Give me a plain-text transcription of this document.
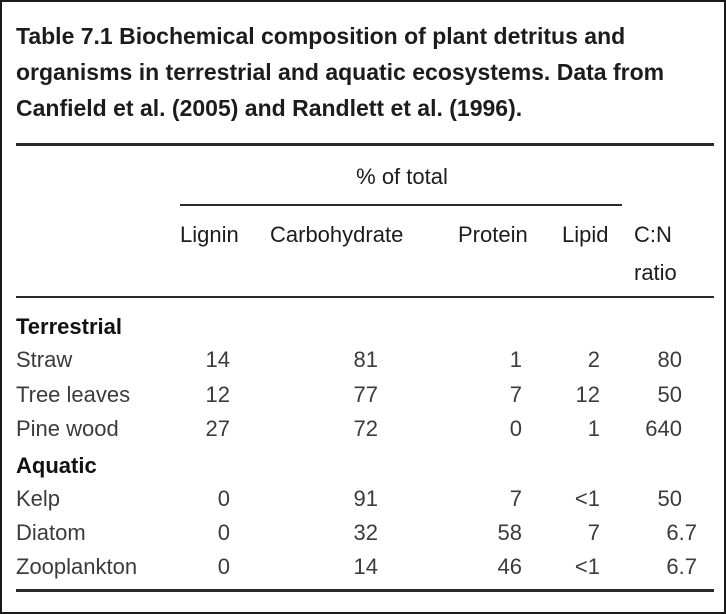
Table 7.1 Biochemical composition of plant detritus and organisms in terrestrial and aquatic ecosystems. Data from Canfield et al. (2005) and Randlett et al. (1996).
% of total
Lignin Carbohydrate Protein Lipid C:N
ratio
Terrestrial
Straw	14	81	1	2	80
Tree leaves	12	77	7	12	50
Pine wood	27	72	0	1	640
Aquatic
Kelp	0	91	7	<1	50
Diatom	0	32	58	7	6.7
Zooplankton	0	14	46	<1	6.7
